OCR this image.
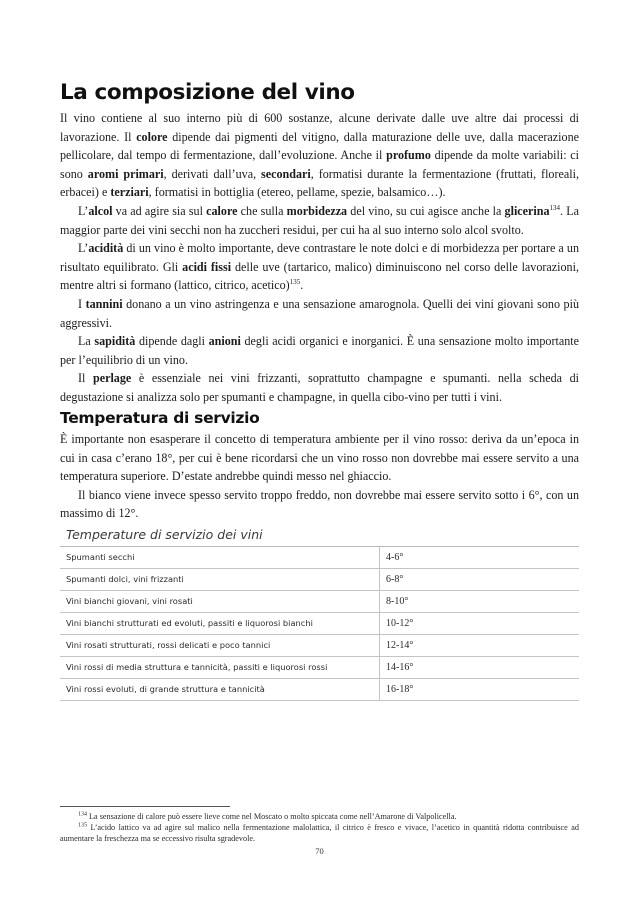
La composizione del vino

Il vino contiene al suo interno più di 600 sostanze, alcune derivate dalle uve altre dai processi di lavorazione. Il colore dipende dai pigmenti del vitigno, dalla maturazione delle uve, dalla macerazione pellicolare, dal tempo di fermentazione, dall’evoluzione. Anche il profumo dipende da molte variabili: ci sono aromi primari, derivati dall’uva, secondari, formatisi durante la fermentazione (fruttati, floreali, erbacei) e terziari, formatisi in bottiglia (etereo, pellame, spezie, balsamico…).

L’alcol va ad agire sia sul calore che sulla morbidezza del vino, su cui agisce anche la glicerina$^{134}$. La maggior parte dei vini secchi non ha zuccheri residui, per cui ha al suo interno solo alcol svolto.

L’acidità di un vino è molto importante, deve contrastare le note dolci e di morbidezza per portare a un risultato equilibrato. Gli acidi fissi delle uve (tartarico, malico) diminuiscono nel corso delle lavorazioni, mentre altri si formano (lattico, citrico, acetico)$^{135}$.

I tannini donano a un vino astringenza e una sensazione amarognola. Quelli dei vini giovani sono più aggressivi.

La sapidità dipende dagli anioni degli acidi organici e inorganici. È una sensazione molto importante per l’equilibrio di un vino.

Il perlage è essenziale nei vini frizzanti, soprattutto champagne e spumanti. nella scheda di degustazione si analizza solo per spumanti e champagne, in quella cibo-vino per tutti i vini.

Temperatura di servizio

È importante non esasperare il concetto di temperatura ambiente per il vino rosso: deriva da un’epoca in cui in casa c’erano 18°, per cui è bene ricordarsi che un vino rosso non dovrebbe mai essere servito a una temperatura superiore. D’estate andrebbe quindi messo nel ghiaccio.

Il bianco viene invece spesso servito troppo freddo, non dovrebbe mai essere servito sotto i 6°, con un massimo di 12°.

Temperature di servizio dei vini
Spumanti secchi	4-6°
Spumanti dolci, vini frizzanti	6-8°
Vini bianchi giovani, vini rosati	8-10°
Vini bianchi strutturati ed evoluti, passiti e liquorosi bianchi	10-12°
Vini rosati strutturati, rossi delicati e poco tannici	12-14°
Vini rossi di media struttura e tannicità, passiti e liquorosi rossi	14-16°
Vini rossi evoluti, di grande struttura e tannicità	16-18°

$^{134}$ La sensazione di calore può essere lieve come nel Moscato o molto spiccata come nell’Amarone di Valpolicella.

$^{135}$ L’acido lattico va ad agire sul malico nella fermentazione malolattica, il citrico è fresco e vivace, l’acetico in quantità ridotta contribuisce ad aumentare la freschezza ma se eccessivo risulta sgradevole.

70
